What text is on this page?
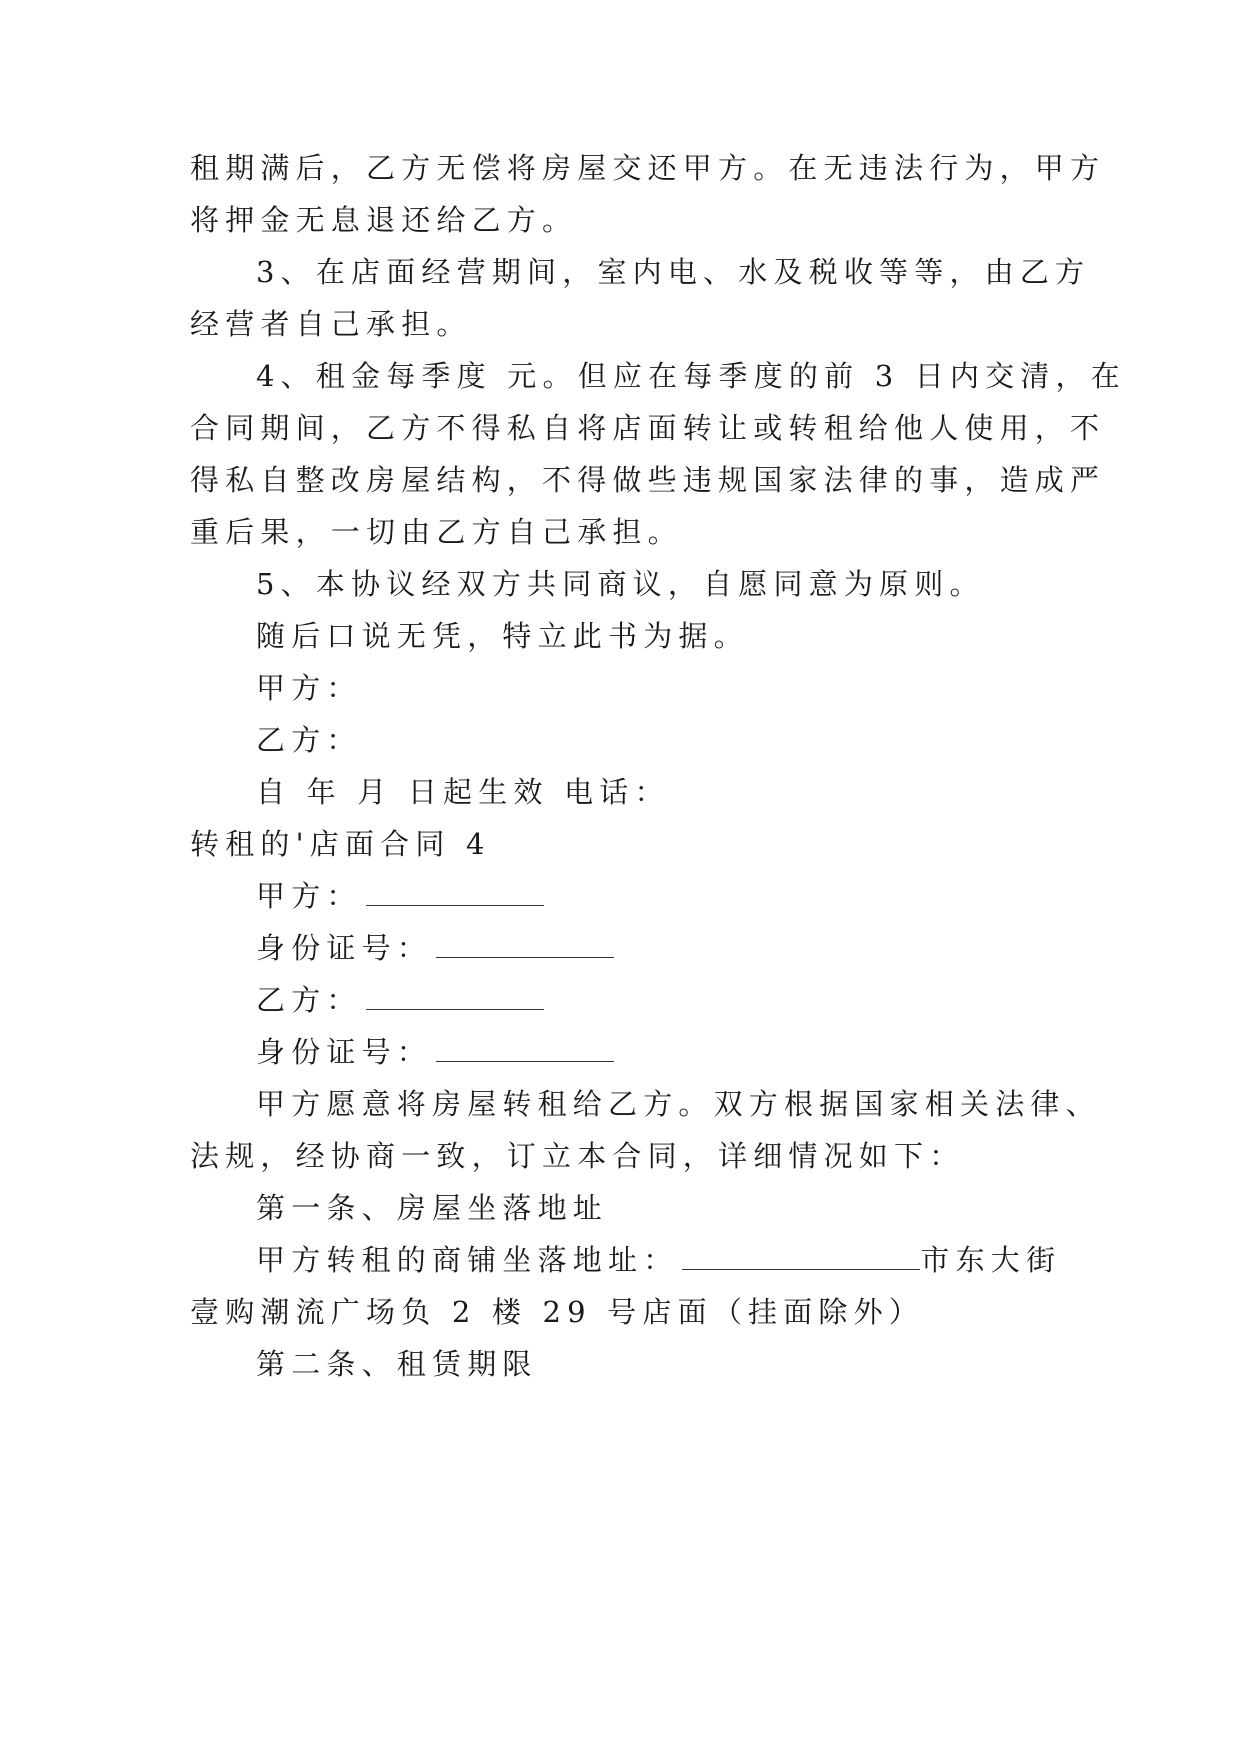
租期满后，乙方无偿将房屋交还甲方。在无违法行为，甲方
将押金无息退还给乙方。
3、在店面经营期间，室内电、水及税收等等，由乙方
经营者自己承担。
4、租金每季度 元。但应在每季度的前 3 日内交清，在
合同期间，乙方不得私自将店面转让或转租给他人使用，不
得私自整改房屋结构，不得做些违规国家法律的事，造成严
重后果，一切由乙方自己承担。
5、本协议经双方共同商议，自愿同意为原则。
随后口说无凭，特立此书为据。
甲方：
乙方：
自 年 月 日起生效 电话：
转租的'店面合同 4
甲方：
身份证号：
乙方：
身份证号：
甲方愿意将房屋转租给乙方。双方根据国家相关法律、
法规，经协商一致，订立本合同，详细情况如下：
第一条、房屋坐落地址
甲方转租的商铺坐落地址：	市东大街
壹购潮流广场负 2 楼 29 号店面（挂面除外）
第二条、租赁期限
